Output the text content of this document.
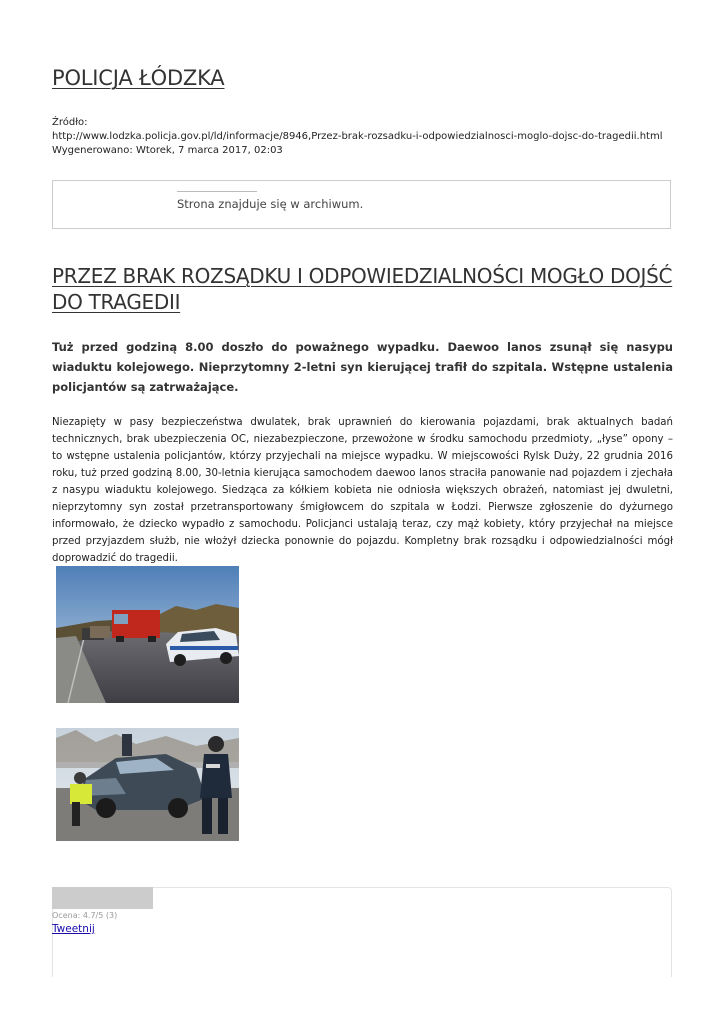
POLICJA ŁÓDZKA
Źródło:
http://www.lodzka.policja.gov.pl/ld/informacje/8946,Przez-brak-rozsadku-i-odpowiedzialnosci-moglo-dojsc-do-tragedii.html
Wygenerowano: Wtorek, 7 marca 2017, 02:03
Strona znajduje się w archiwum.
PRZEZ BRAK ROZSĄDKU I ODPOWIEDZIALNOŚCI MOGŁO DOJŚĆ DO TRAGEDII

Tuż przed godziną 8.00 doszło do poważnego wypadku. Daewoo lanos zsunął się nasypu wiaduktu kolejowego. Nieprzytomny 2-letni syn kierującej trafił do szpitala. Wstępne ustalenia policjantów są zatrważające.

Niezapięty w pasy bezpieczeństwa dwulatek, brak uprawnień do kierowania pojazdami, brak aktualnych badań technicznych, brak ubezpieczenia OC, niezabezpieczone, przewożone w środku samochodu przedmioty, „łyse” opony – to wstępne ustalenia policjantów, którzy przyjechali na miejsce wypadku. W miejscowości Rylsk Duży, 22 grudnia 2016 roku, tuż przed godziną 8.00, 30-letnia kierująca samochodem daewoo lanos straciła panowanie nad pojazdem i zjechała z nasypu wiaduktu kolejowego. Siedząca za kółkiem kobieta nie odniosła większych obrażeń, natomiast jej dwuletni, nieprzytomny syn został przetransportowany śmigłowcem do szpitala w Łodzi. Pierwsze zgłoszenie do dyżurnego informowało, że dziecko wypadło z samochodu. Policjanci ustalają teraz, czy mąż kobiety, który przyjechał na miejsce przed przyjazdem służb, nie włożył dziecka ponownie do pojazdu. Kompletny brak rozsądku i odpowiedzialności mógł doprowadzić do tragedii.

Ocena: 4.7/5 (3)
Tweetnij
